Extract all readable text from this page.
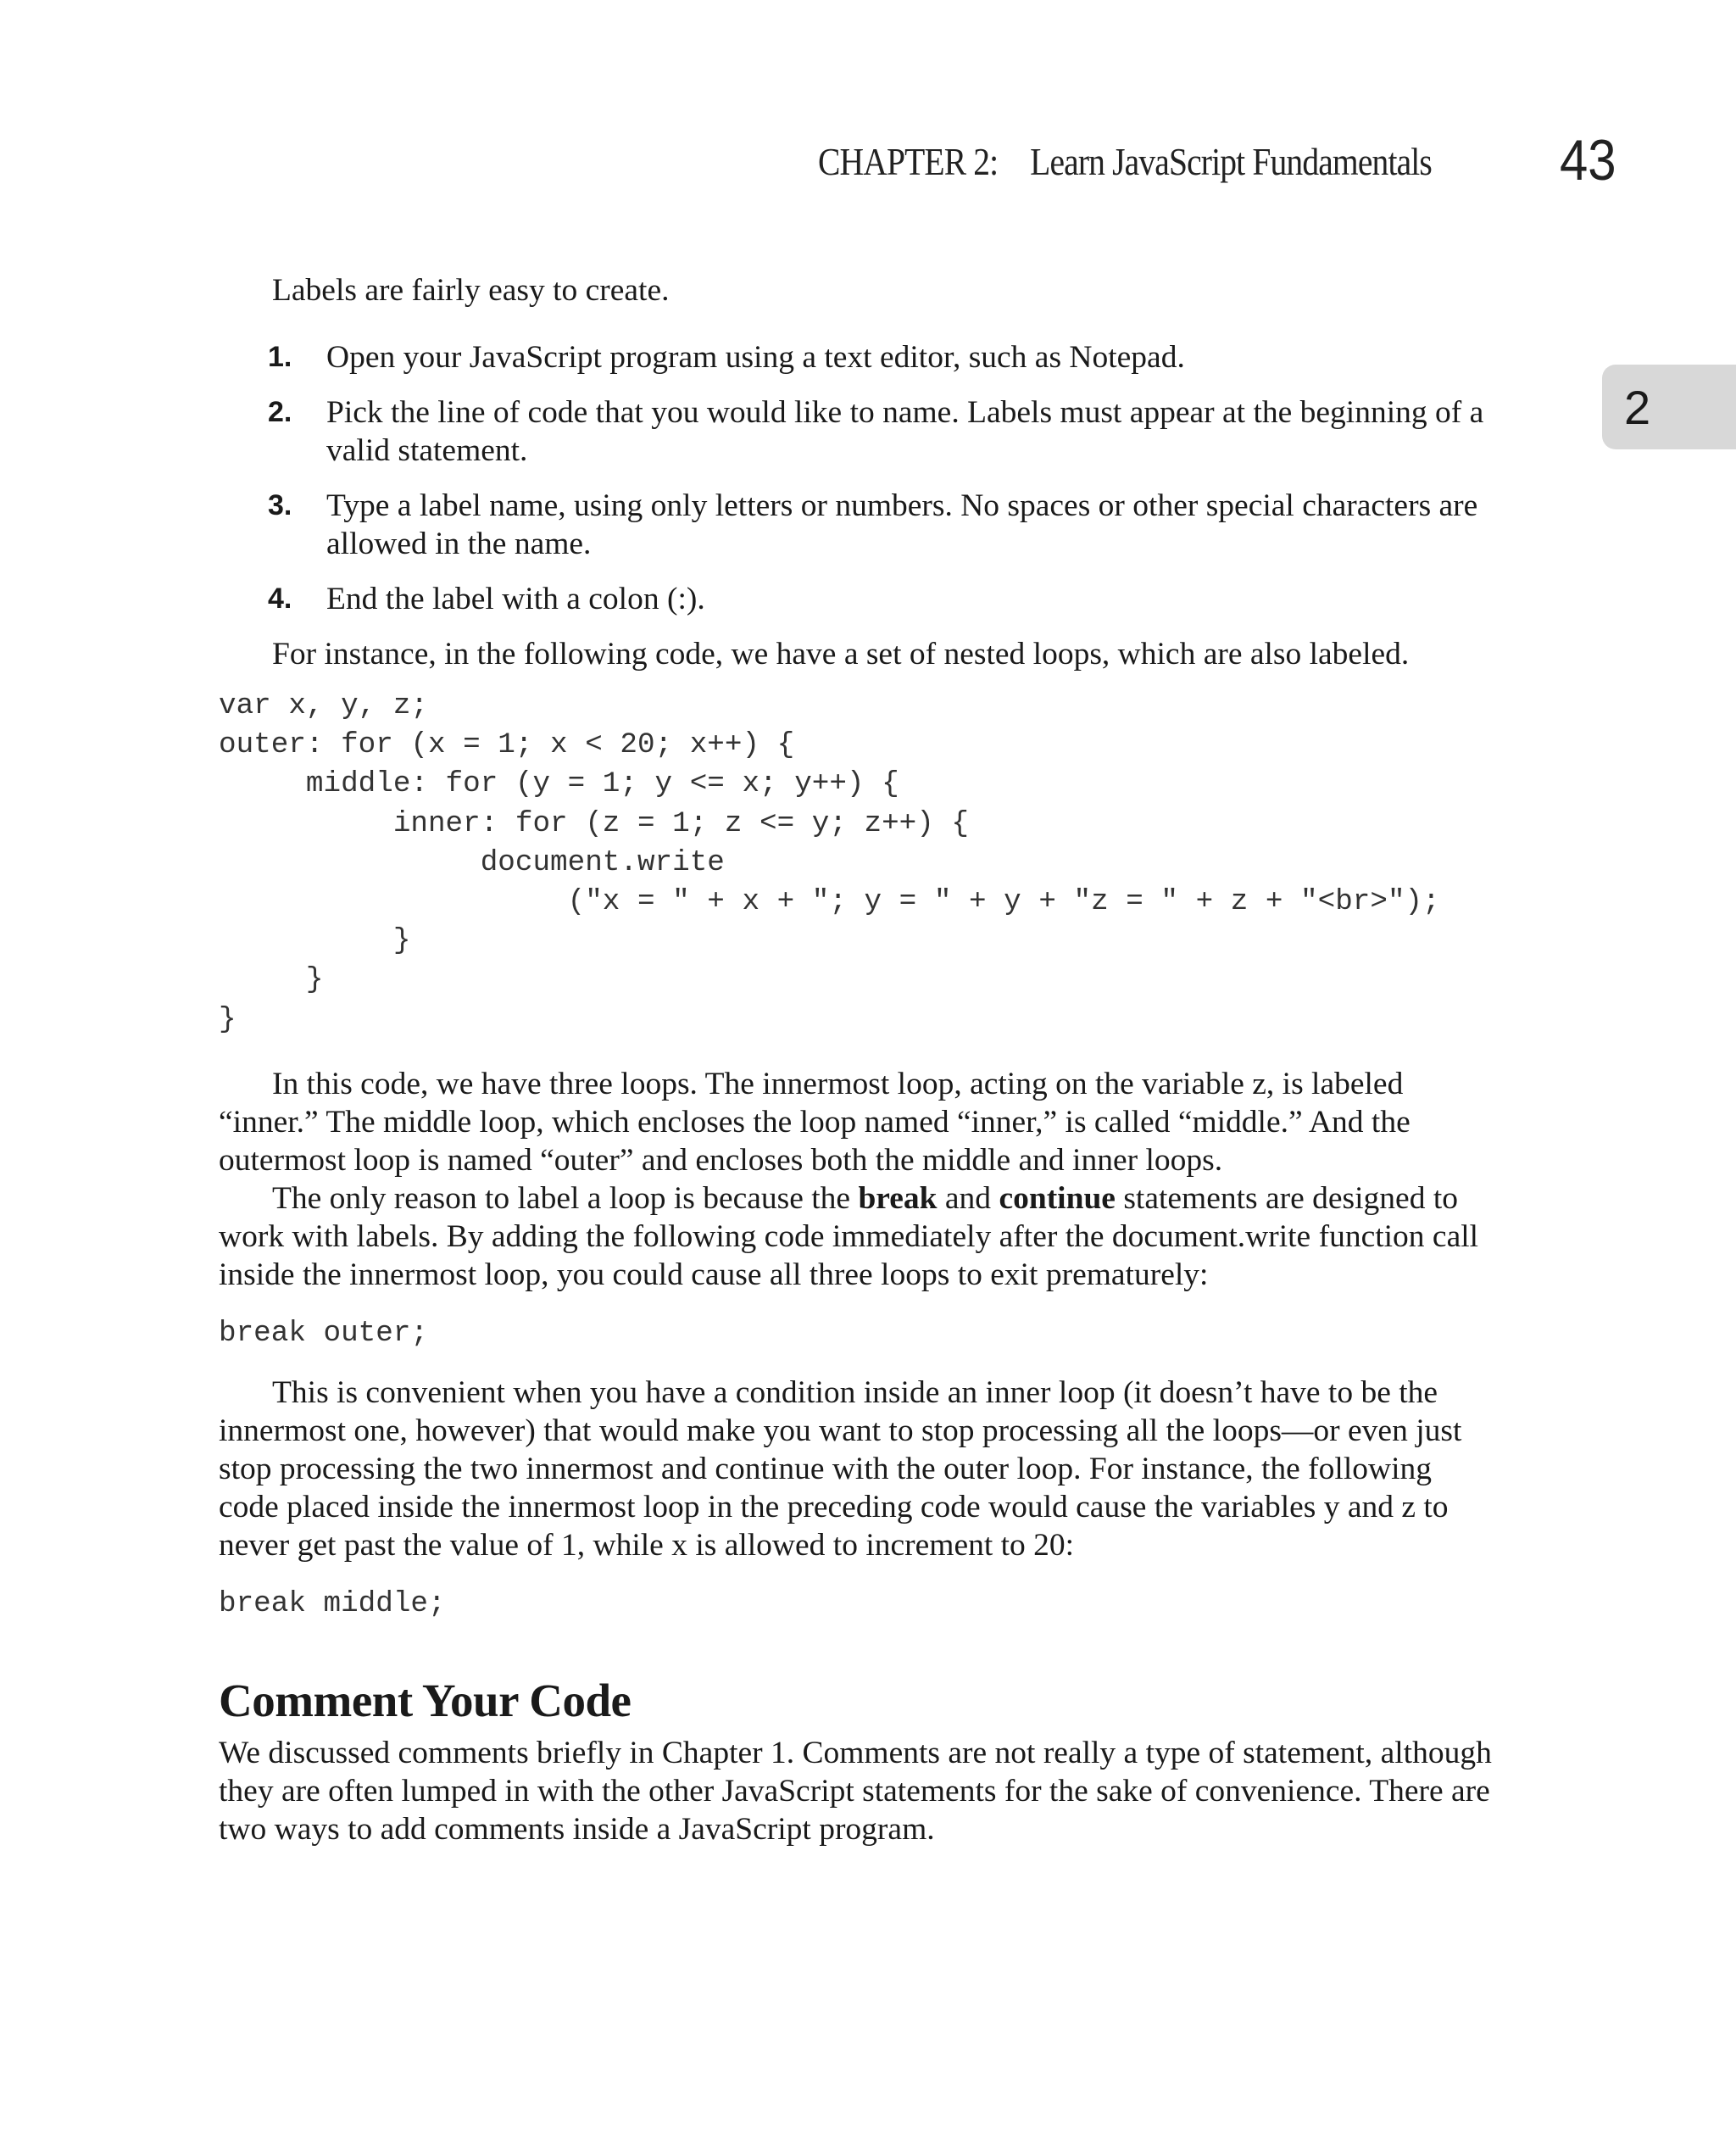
CHAPTER 2: Learn JavaScript Fundamentals 43
2

Labels are fairly easy to create.

1. Open your JavaScript program using a text editor, such as Notepad.
2. Pick the line of code that you would like to name. Labels must appear at the beginning of a valid statement.
3. Type a label name, using only letters or numbers. No spaces or other special characters are allowed in the name.
4. End the label with a colon (:).

For instance, in the following code, we have a set of nested loops, which are also labeled.

var x, y, z;
outer: for (x = 1; x < 20; x++) {
middle: for (y = 1; y <= x; y++) {
inner: for (z = 1; z <= y; z++) {
document.write
("x = " + x + "; y = " + y + "z = " + z + "<br>");
}
}
}

In this code, we have three loops. The innermost loop, acting on the variable z, is labeled “inner.” The middle loop, which encloses the loop named “inner,” is called “middle.” And the outermost loop is named “outer” and encloses both the middle and inner loops.

The only reason to label a loop is because the break and continue statements are designed to work with labels. By adding the following code immediately after the document.write function call inside the innermost loop, you could cause all three loops to exit prematurely:

break outer;

This is convenient when you have a condition inside an inner loop (it doesn’t have to be the innermost one, however) that would make you want to stop processing all the loops—or even just stop processing the two innermost and continue with the outer loop. For instance, the following code placed inside the innermost loop in the preceding code would cause the variables y and z to never get past the value of 1, while x is allowed to increment to 20:

break middle;
Comment Your Code

We discussed comments briefly in Chapter 1. Comments are not really a type of statement, although they are often lumped in with the other JavaScript statements for the sake of convenience. There are two ways to add comments inside a JavaScript program.
